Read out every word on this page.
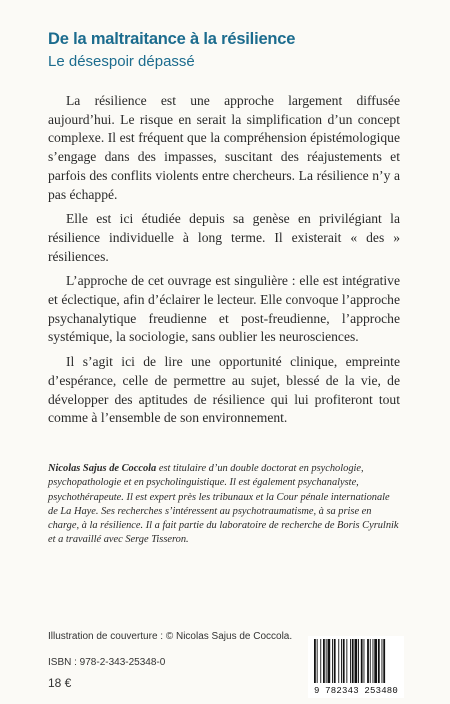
De la maltraitance à la résilience
Le désespoir dépassé

La résilience est une approche largement diffusée aujourd’hui. Le risque en serait la simplification d’un concept complexe. Il est fréquent que la compréhension épistémologique s’engage dans des impasses, suscitant des réajustements et parfois des conflits violents entre chercheurs. La résilience n’y a pas échappé.

Elle est ici étudiée depuis sa genèse en privilégiant la résilience individuelle à long terme. Il existerait « des » résiliences.

L’approche de cet ouvrage est singulière : elle est intégrative et éclectique, afin d’éclairer le lecteur. Elle convoque l’approche psychanalytique freudienne et post-freudienne, l’approche systémique, la sociologie, sans oublier les neurosciences.

Il s’agit ici de lire une opportunité clinique, empreinte d’espérance, celle de permettre au sujet, blessé de la vie, de développer des aptitudes de résilience qui lui profiteront tout comme à l’ensemble de son environnement.

Nicolas Sajus de Coccola est titulaire d’un double doctorat en psychologie, psychopathologie et en psycholinguistique. Il est également psychanalyste, psychothérapeute. Il est expert près les tribunaux et la Cour pénale internationale de La Haye. Ses recherches s’intéressent au psychotraumatisme, à sa prise en charge, à la résilience. Il a fait partie du laboratoire de recherche de Boris Cyrulnik et a travaillé avec Serge Tisseron.
Illustration de couverture : © Nicolas Sajus de Coccola.
ISBN : 978-2-343-25348-0
18 €
9 782343 253480
